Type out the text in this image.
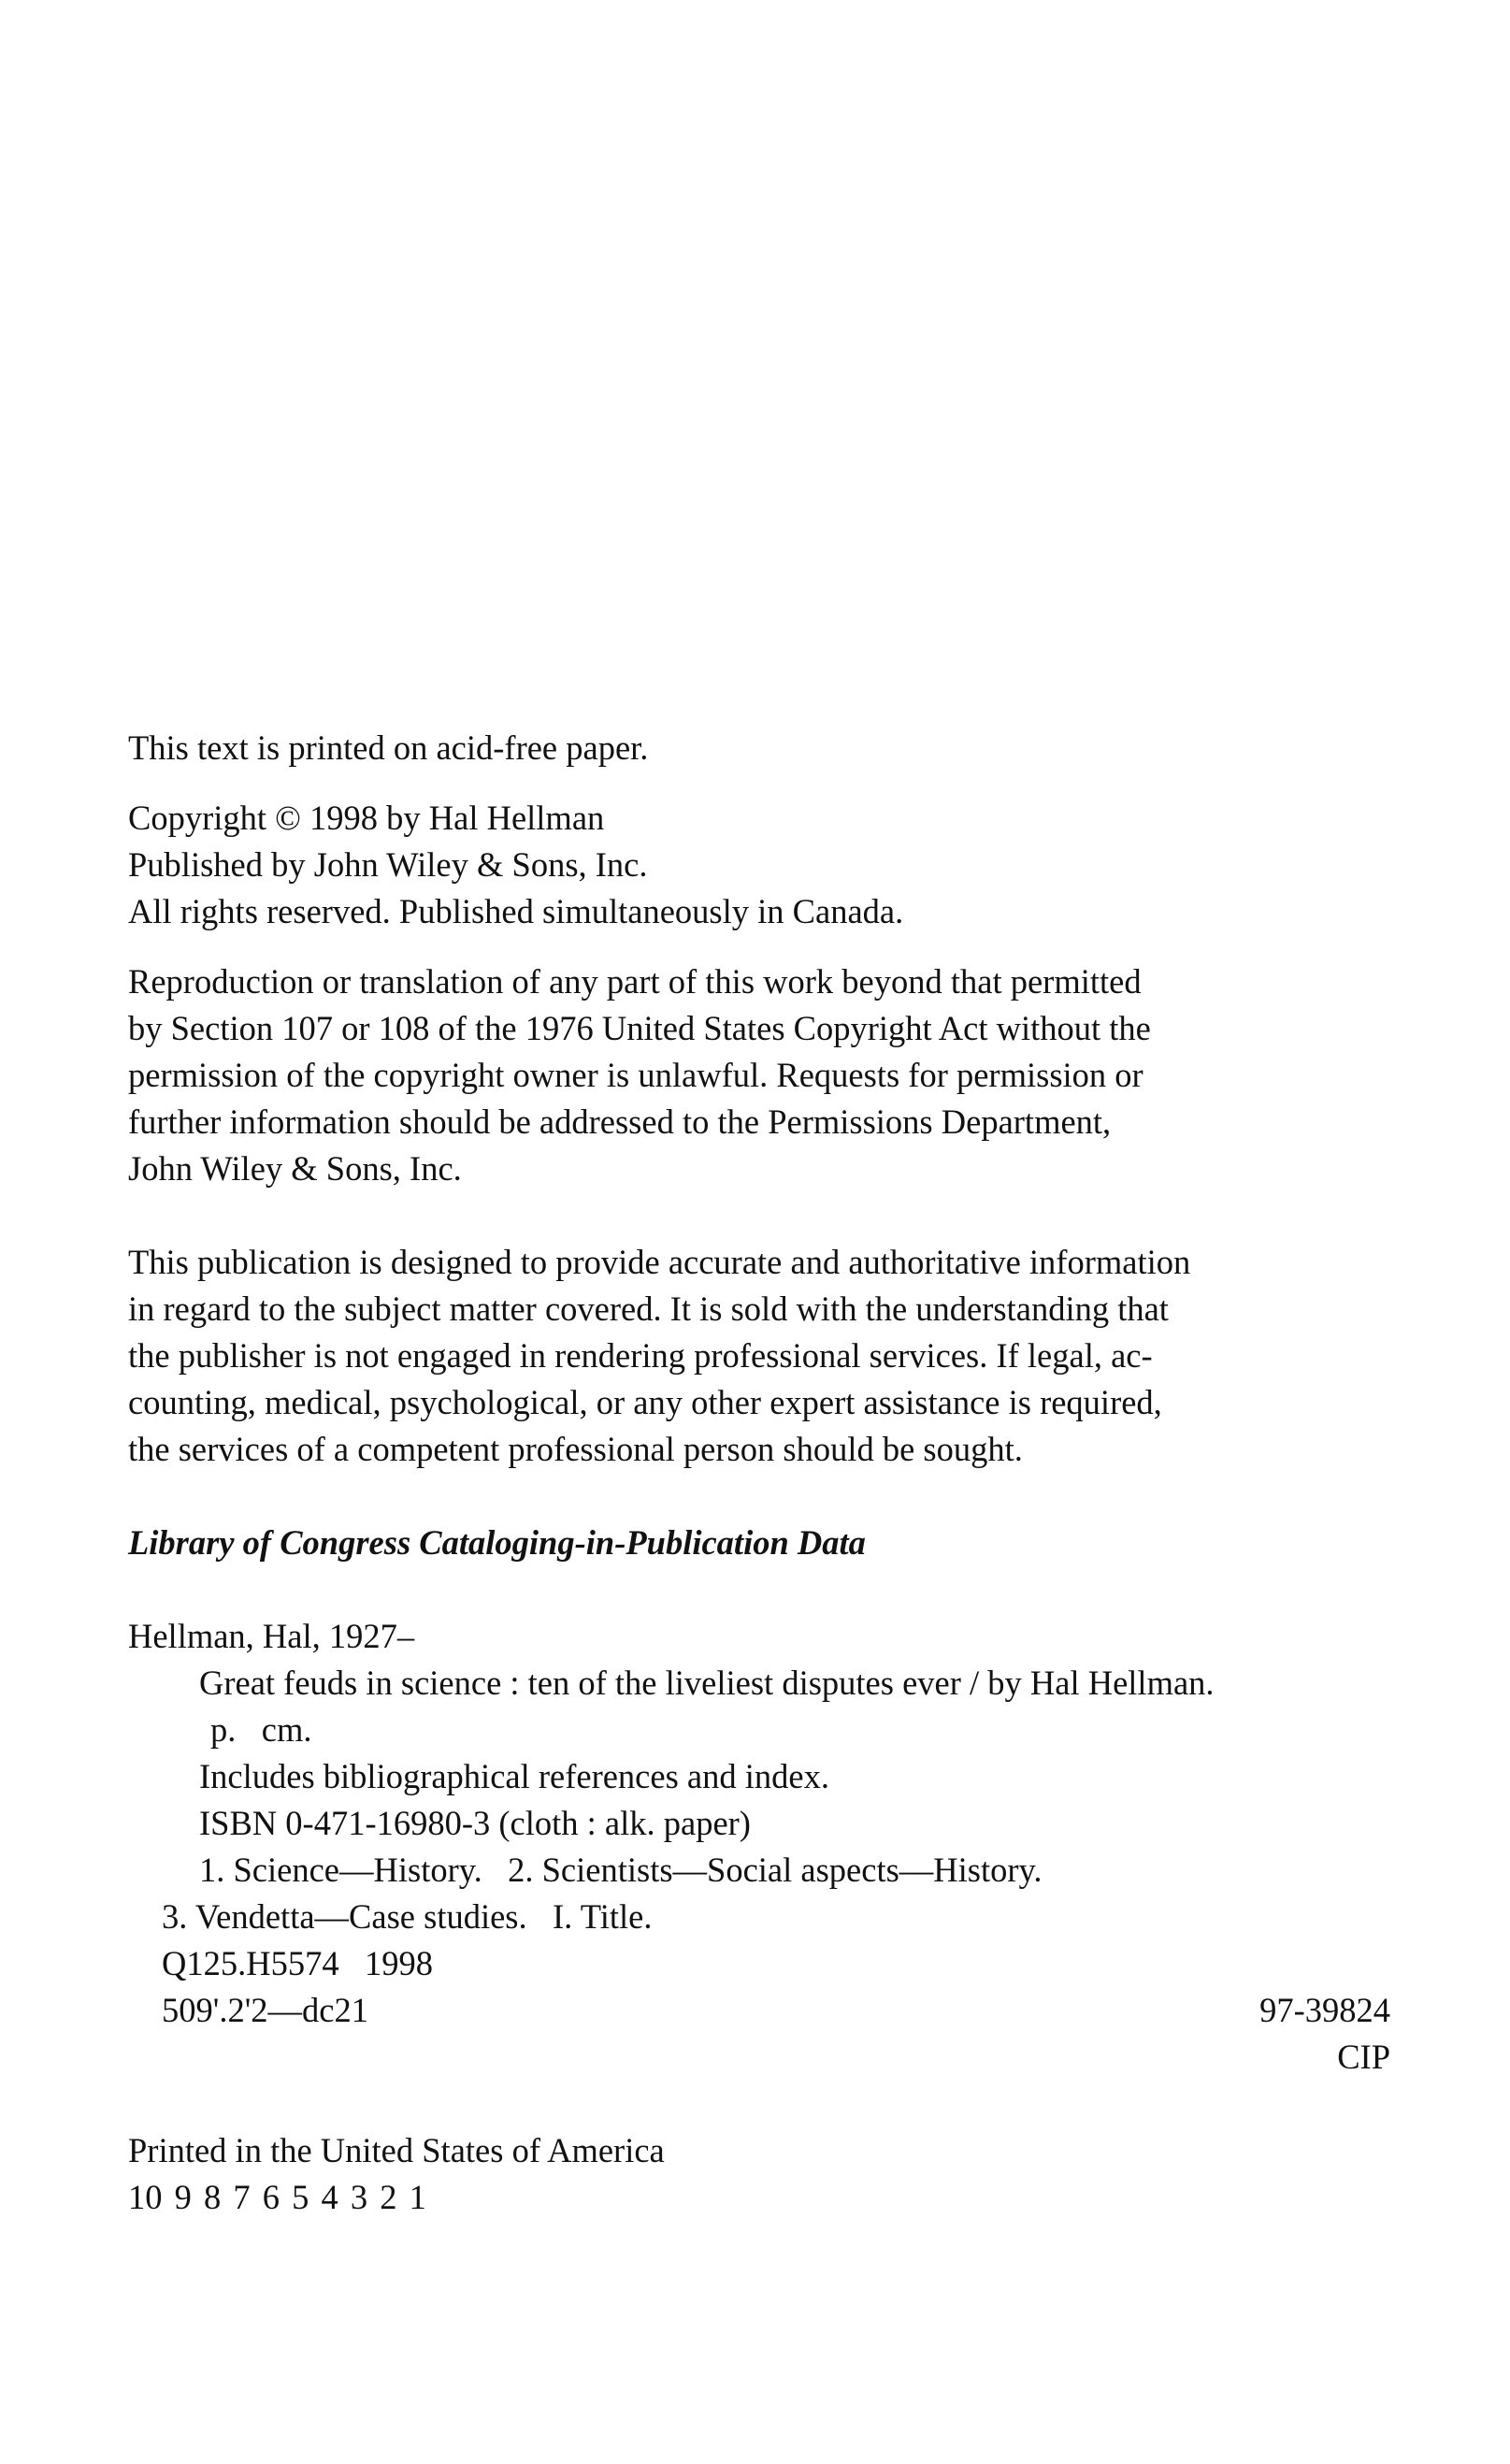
This text is printed on acid-free paper.
Copyright © 1998 by Hal Hellman
Published by John Wiley & Sons, Inc.
All rights reserved. Published simultaneously in Canada.
Reproduction or translation of any part of this work beyond that permitted
by Section 107 or 108 of the 1976 United States Copyright Act without the
permission of the copyright owner is unlawful. Requests for permission or
further information should be addressed to the Permissions Department,
John Wiley & Sons, Inc.
This publication is designed to provide accurate and authoritative information
in regard to the subject matter covered. It is sold with the understanding that
the publisher is not engaged in rendering professional services. If legal, ac-
counting, medical, psychological, or any other expert assistance is required,
the services of a competent professional person should be sought.
Library of Congress Cataloging-in-Publication Data
Hellman, Hal, 1927–
Great feuds in science : ten of the liveliest disputes ever / by Hal Hellman.
p.   cm.
Includes bibliographical references and index.
ISBN 0-471-16980-3 (cloth : alk. paper)
1. Science—History.   2. Scientists—Social aspects—History.
3. Vendetta—Case studies.   I. Title.
Q125.H5574   1998
509'.2'2—dc21	97-39824
CIP
Printed in the United States of America
10 9 8 7 6 5 4 3 2 1
